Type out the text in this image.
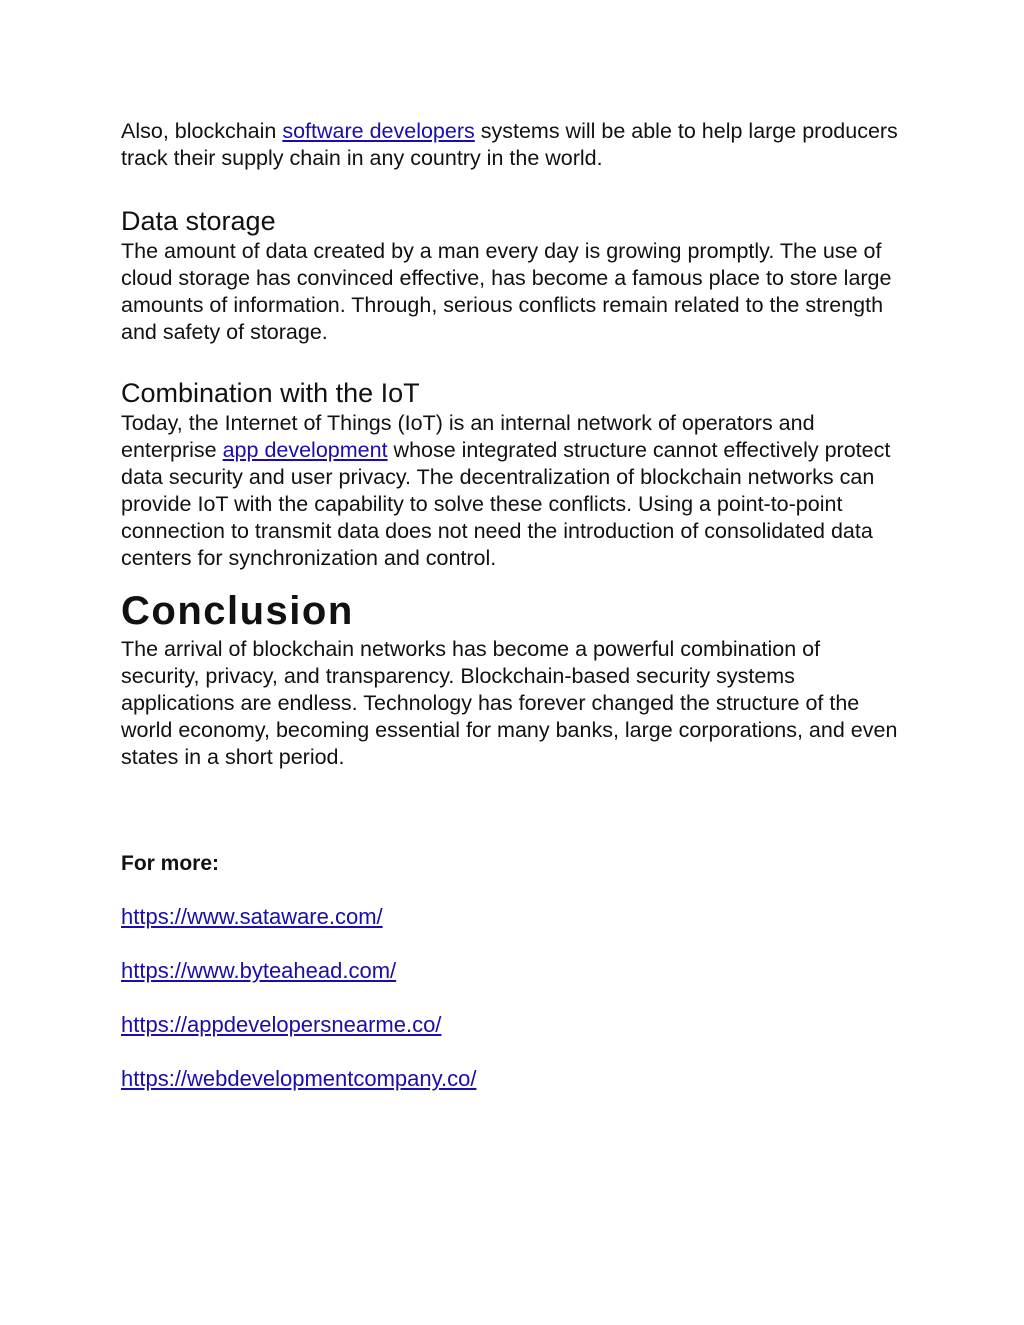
Also, blockchain software developers systems will be able to help large producers track their supply chain in any country in the world.

Data storage

The amount of data created by a man every day is growing promptly. The use of cloud storage has convinced effective, has become a famous place to store large amounts of information. Through, serious conflicts remain related to the strength and safety of storage.

Combination with the IoT

Today, the Internet of Things (IoT) is an internal network of operators and enterprise app development whose integrated structure cannot effectively protect data security and user privacy. The decentralization of blockchain networks can provide IoT with the capability to solve these conflicts. Using a point-to-point connection to transmit data does not need the introduction of consolidated data centers for synchronization and control.

Conclusion

The arrival of blockchain networks has become a powerful combination of security, privacy, and transparency. Blockchain-based security systems applications are endless. Technology has forever changed the structure of the world economy, becoming essential for many banks, large corporations, and even states in a short period.

For more:

https://www.sataware.com/
https://www.byteahead.com/
https://appdevelopersnearme.co/
https://webdevelopmentcompany.co/
